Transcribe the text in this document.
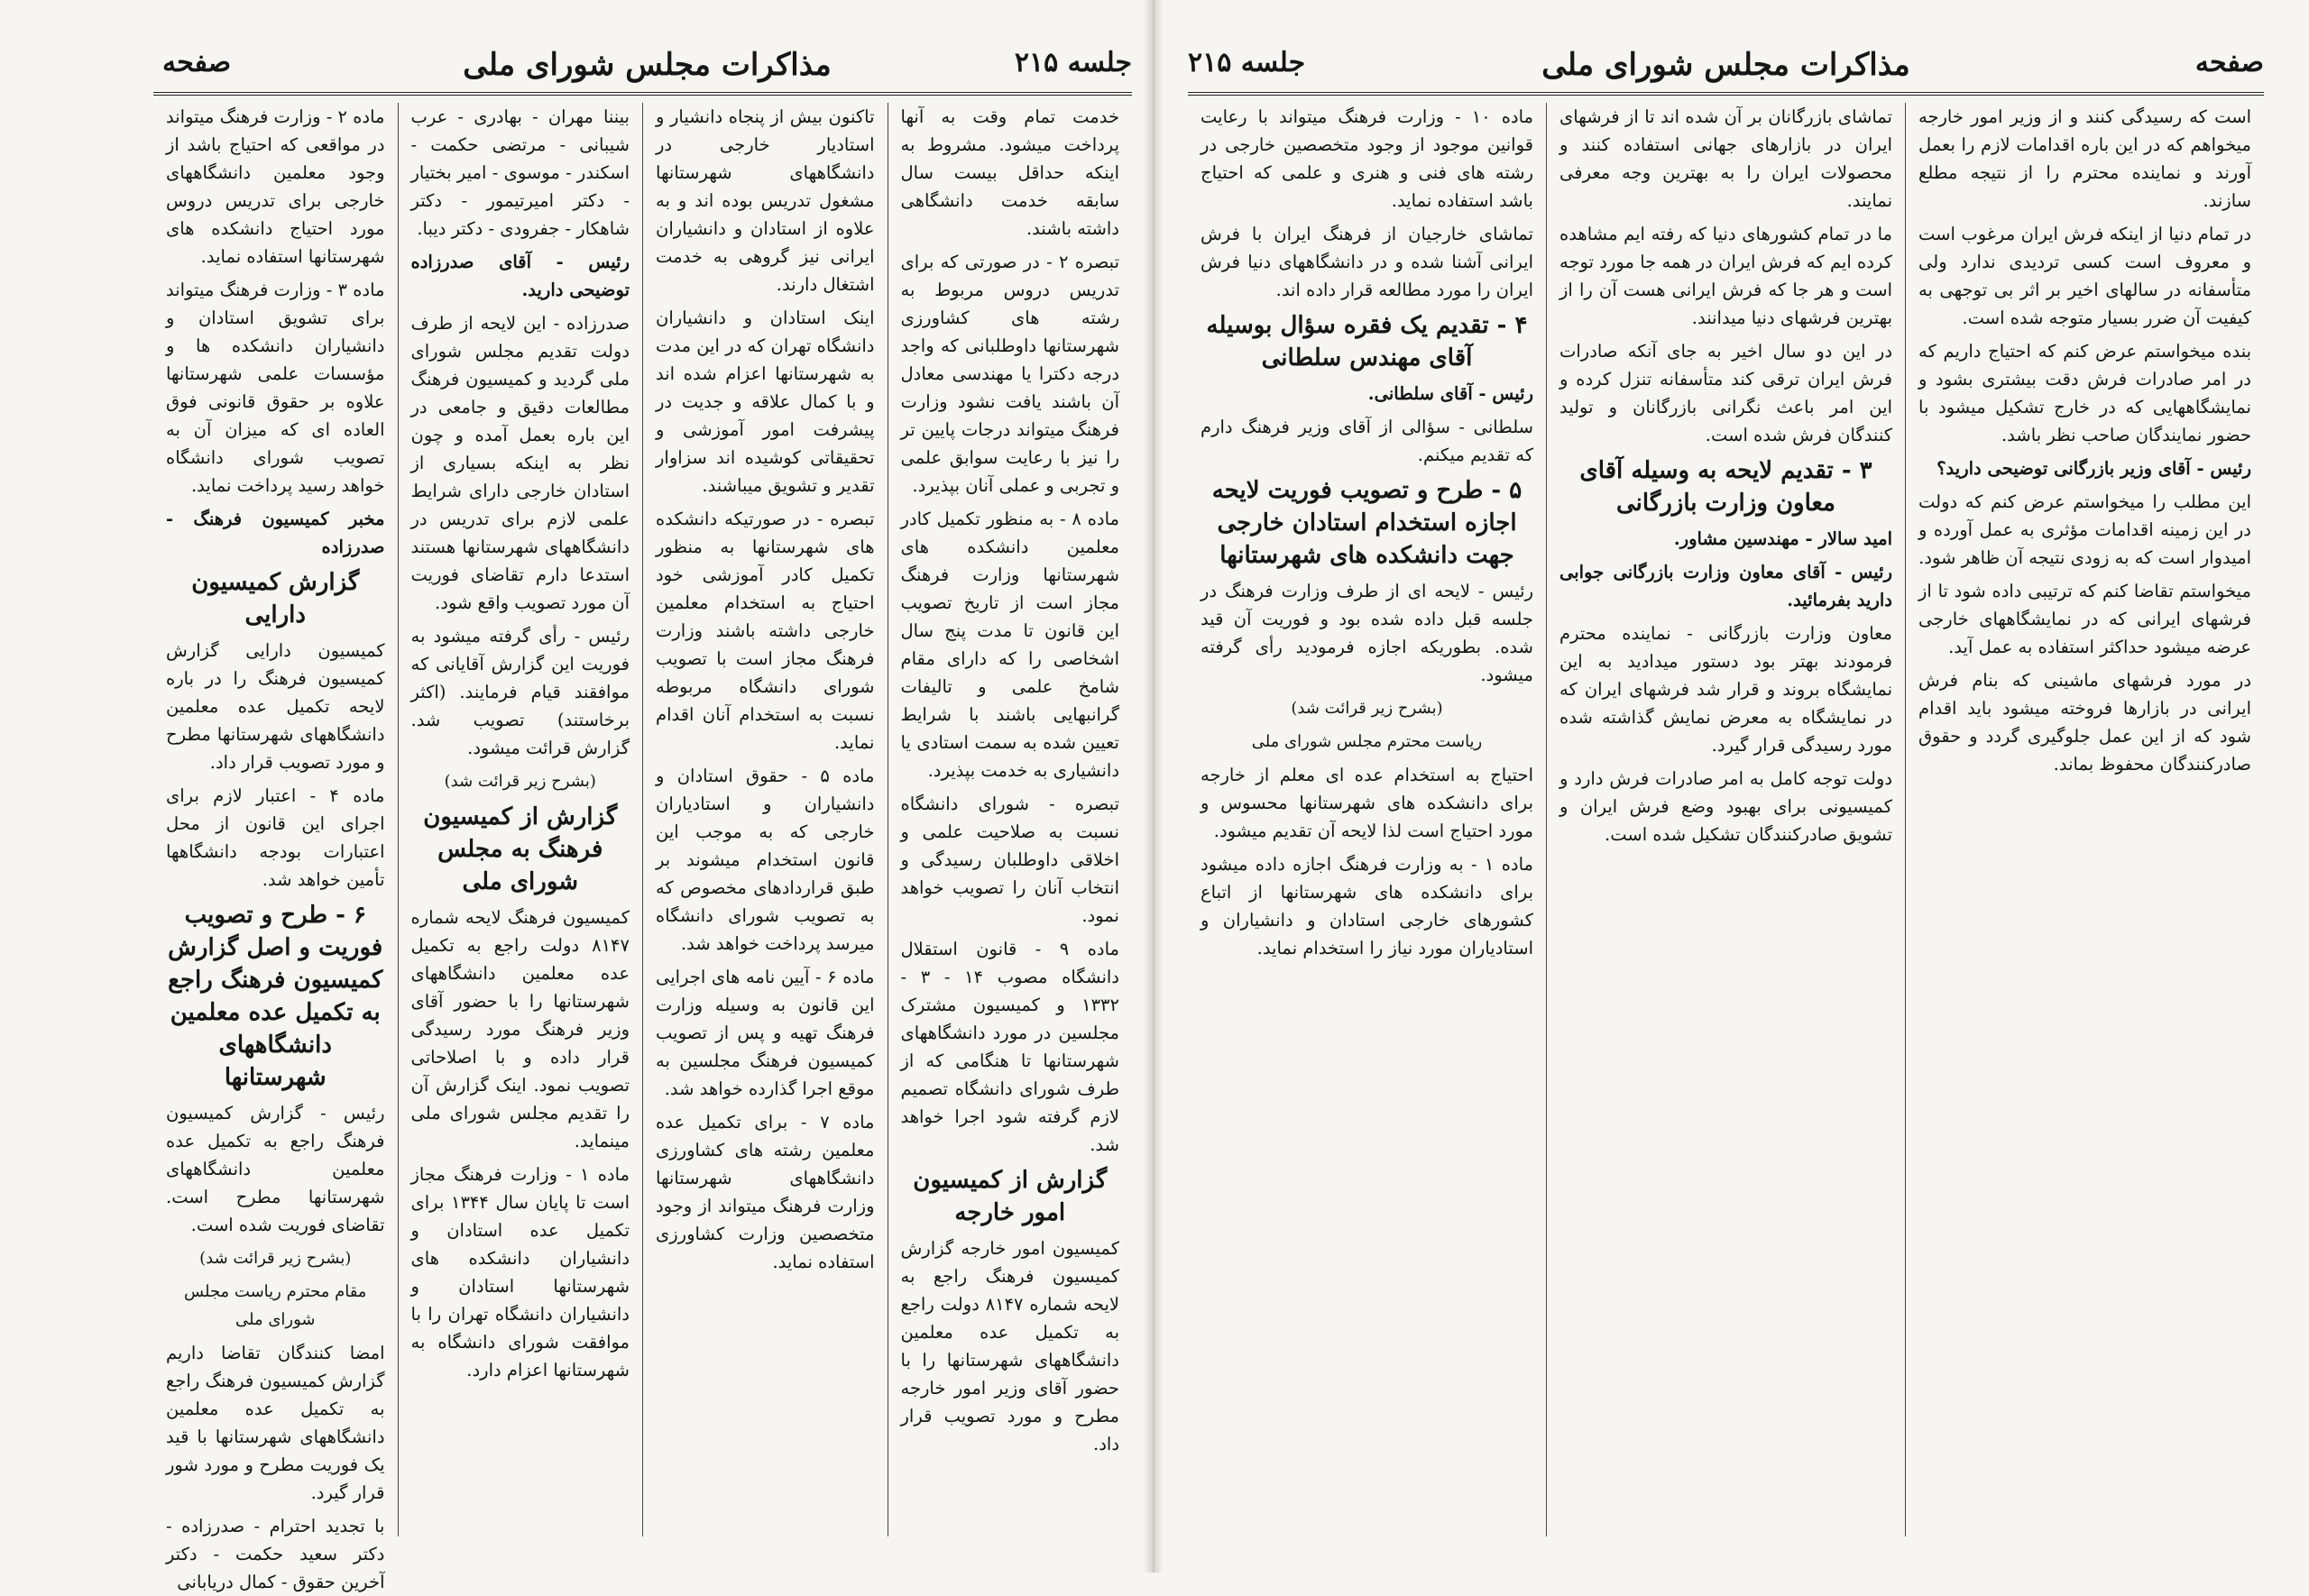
جلسه ۲۱۵
مذاکرات مجلس شورای ملی
صفحه

خدمت تمام وقت به آنها پرداخت میشود. مشروط به اینکه حداقل بیست سال سابقه خدمت دانشگاهی داشته باشند.

تبصره ۲ - در صورتی که برای تدریس دروس مربوط به رشته های کشاورزی شهرستانها داوطلبانی که واجد درجه دکترا یا مهندسی معادل آن باشند یافت نشود وزارت فرهنگ میتواند درجات پایین تر را نیز با رعایت سوابق علمی و تجربی و عملی آنان بپذیرد.

ماده ۸ - به منظور تکمیل کادر معلمین دانشکده های شهرستانها وزارت فرهنگ مجاز است از تاریخ تصویب این قانون تا مدت پنج سال اشخاصی را که دارای مقام شامخ علمی و تالیفات گرانبهایی باشند با شرایط تعیین شده به سمت استادی یا دانشیاری به خدمت بپذیرد.

تبصره - شورای دانشگاه نسبت به صلاحیت علمی و اخلاقی داوطلبان رسیدگی و انتخاب آنان را تصویب خواهد نمود.

ماده ۹ - قانون استقلال دانشگاه مصوب ۱۴ - ۳ - ۱۳۳۲ و کمیسیون مشترک مجلسین در مورد دانشگاههای شهرستانها تا هنگامی که از طرف شورای دانشگاه تصمیم لازم گرفته شود اجرا خواهد شد.

گزارش از کمیسیون امور خارجه

کمیسیون امور خارجه گزارش کمیسیون فرهنگ راجع به لایحه شماره ۸۱۴۷ دولت راجع به تکمیل عده معلمین دانشگاههای شهرستانها را با حضور آقای وزیر امور خارجه مطرح و مورد تصویب قرار داد.

تاکنون بیش از پنجاه دانشیار و استادیار خارجی در دانشگاههای شهرستانها مشغول تدریس بوده اند و به علاوه از استادان و دانشیاران ایرانی نیز گروهی به خدمت اشتغال دارند.

اینک استادان و دانشیاران دانشگاه تهران که در این مدت به شهرستانها اعزام شده اند و با کمال علاقه و جدیت در پیشرفت امور آموزشی و تحقیقاتی کوشیده اند سزاوار تقدیر و تشویق میباشند.

تبصره - در صورتیکه دانشکده های شهرستانها به منظور تکمیل کادر آموزشی خود احتیاج به استخدام معلمین خارجی داشته باشند وزارت فرهنگ مجاز است با تصویب شورای دانشگاه مربوطه نسبت به استخدام آنان اقدام نماید.

ماده ۵ - حقوق استادان و دانشیاران و استادیاران خارجی که به موجب این قانون استخدام میشوند بر طبق قراردادهای مخصوص که به تصویب شورای دانشگاه میرسد پرداخت خواهد شد.

ماده ۶ - آیین نامه های اجرایی این قانون به وسیله وزارت فرهنگ تهیه و پس از تصویب کمیسیون فرهنگ مجلسین به موقع اجرا گذارده خواهد شد.

ماده ۷ - برای تکمیل عده معلمین رشته های کشاورزی دانشگاههای شهرستانها وزارت فرهنگ میتواند از وجود متخصصین وزارت کشاورزی استفاده نماید.

بیننا مهران - بهادری - عرب شیبانی - مرتضی حکمت - اسکندر - موسوی - امیر بختیار - دکتر امیرتیمور - دکتر شاهکار - جفرودی - دکتر دیبا.

رئیس - آقای صدرزاده توضیحی دارید.

صدرزاده - این لایحه از طرف دولت تقدیم مجلس شورای ملی گردید و کمیسیون فرهنگ مطالعات دقیق و جامعی در این باره بعمل آمده و چون نظر به اینکه بسیاری از استادان خارجی دارای شرایط علمی لازم برای تدریس در دانشگاههای شهرستانها هستند استدعا دارم تقاضای فوریت آن مورد تصویب واقع شود.

رئیس - رأی گرفته میشود به فوریت این گزارش آقایانی که موافقند قیام فرمایند. (اکثر برخاستند) تصویب شد. گزارش قرائت میشود.

(بشرح زیر قرائت شد)

گزارش از کمیسیون فرهنگ به مجلس شورای ملی

کمیسیون فرهنگ لایحه شماره ۸۱۴۷ دولت راجع به تکمیل عده معلمین دانشگاههای شهرستانها را با حضور آقای وزیر فرهنگ مورد رسیدگی قرار داده و با اصلاحاتی تصویب نمود. اینک گزارش آن را تقدیم مجلس شورای ملی مینماید.

ماده ۱ - وزارت فرهنگ مجاز است تا پایان سال ۱۳۴۴ برای تکمیل عده استادان و دانشیاران دانشکده های شهرستانها استادان و دانشیاران دانشگاه تهران را با موافقت شورای دانشگاه به شهرستانها اعزام دارد.

ماده ۲ - وزارت فرهنگ میتواند در مواقعی که احتیاج باشد از وجود معلمین دانشگاههای خارجی برای تدریس دروس مورد احتیاج دانشکده های شهرستانها استفاده نماید.

ماده ۳ - وزارت فرهنگ میتواند برای تشویق استادان و دانشیاران دانشکده ها و مؤسسات علمی شهرستانها علاوه بر حقوق قانونی فوق العاده ای که میزان آن به تصویب شورای دانشگاه خواهد رسید پرداخت نماید.

مخبر کمیسیون فرهنگ - صدرزاده

گزارش کمیسیون دارایی

کمیسیون دارایی گزارش کمیسیون فرهنگ را در باره لایحه تکمیل عده معلمین دانشگاههای شهرستانها مطرح و مورد تصویب قرار داد.

ماده ۴ - اعتبار لازم برای اجرای این قانون از محل اعتبارات بودجه دانشگاهها تأمین خواهد شد.

۶ - طرح و تصویب فوریت و اصل گزارش کمیسیون فرهنگ راجع به تکمیل عده معلمین دانشگاههای شهرستانها

رئیس - گزارش کمیسیون فرهنگ راجع به تکمیل عده معلمین دانشگاههای شهرستانها مطرح است. تقاضای فوریت شده است.

(بشرح زیر قرائت شد)

مقام محترم ریاست مجلس شورای ملی

امضا کنندگان تقاضا داریم گزارش کمیسیون فرهنگ راجع به تکمیل عده معلمین دانشگاههای شهرستانها با قید یک فوریت مطرح و مورد شور قرار گیرد.

با تجدید احترام - صدرزاده - دکتر سعید حکمت - دکتر آخرین حقوق - کمال دریابانی

صفحه
مذاکرات مجلس شورای ملی
جلسه ۲۱۵

است که رسیدگی کنند و از وزیر امور خارجه میخواهم که در این باره اقدامات لازم را بعمل آورند و نماینده محترم را از نتیجه مطلع سازند.

در تمام دنیا از اینکه فرش ایران مرغوب است و معروف است کسی تردیدی ندارد ولی متأسفانه در سالهای اخیر بر اثر بی توجهی به کیفیت آن ضرر بسیار متوجه شده است.

بنده میخواستم عرض کنم که احتیاج داریم که در امر صادرات فرش دقت بیشتری بشود و نمایشگاههایی که در خارج تشکیل میشود با حضور نمایندگان صاحب نظر باشد.

رئیس - آقای وزیر بازرگانی توضیحی دارید؟

این مطلب را میخواستم عرض کنم که دولت در این زمینه اقدامات مؤثری به عمل آورده و امیدوار است که به زودی نتیجه آن ظاهر شود.

میخواستم تقاضا کنم که ترتیبی داده شود تا از فرشهای ایرانی که در نمایشگاههای خارجی عرضه میشود حداکثر استفاده به عمل آید.

در مورد فرشهای ماشینی که بنام فرش ایرانی در بازارها فروخته میشود باید اقدام شود که از این عمل جلوگیری گردد و حقوق صادرکنندگان محفوظ بماند.

تماشای بازرگانان بر آن شده اند تا از فرشهای ایران در بازارهای جهانی استفاده کنند و محصولات ایران را به بهترین وجه معرفی نمایند.

ما در تمام کشورهای دنیا که رفته ایم مشاهده کرده ایم که فرش ایران در همه جا مورد توجه است و هر جا که فرش ایرانی هست آن را از بهترین فرشهای دنیا میدانند.

در این دو سال اخیر به جای آنکه صادرات فرش ایران ترقی کند متأسفانه تنزل کرده و این امر باعث نگرانی بازرگانان و تولید کنندگان فرش شده است.

۳ - تقدیم لایحه به وسیله آقای معاون وزارت بازرگانی

امید سالار - مهندسین مشاور.

رئیس - آقای معاون وزارت بازرگانی جوابی دارید بفرمائید.

معاون وزارت بازرگانی - نماینده محترم فرمودند بهتر بود دستور میدادید به این نمایشگاه بروند و قرار شد فرشهای ایران که در نمایشگاه به معرض نمایش گذاشته شده مورد رسیدگی قرار گیرد.

دولت توجه کامل به امر صادرات فرش دارد و کمیسیونی برای بهبود وضع فرش ایران و تشویق صادرکنندگان تشکیل شده است.

ماده ۱۰ - وزارت فرهنگ میتواند با رعایت قوانین موجود از وجود متخصصین خارجی در رشته های فنی و هنری و علمی که احتیاج باشد استفاده نماید.

تماشای خارجیان از فرهنگ ایران با فرش ایرانی آشنا شده و در دانشگاههای دنیا فرش ایران را مورد مطالعه قرار داده اند.

۴ - تقدیم یک فقره سؤال بوسیله آقای مهندس سلطانی

رئیس - آقای سلطانی.

سلطانی - سؤالی از آقای وزیر فرهنگ دارم که تقدیم میکنم.

۵ - طرح و تصویب فوریت لایحه اجازه استخدام استادان خارجی جهت دانشکده های شهرستانها

رئیس - لایحه ای از طرف وزارت فرهنگ در جلسه قبل داده شده بود و فوریت آن قید شده. بطوریکه اجازه فرمودید رأی گرفته میشود.

(بشرح زیر قرائت شد)

ریاست محترم مجلس شورای ملی

احتیاج به استخدام عده ای معلم از خارجه برای دانشکده های شهرستانها محسوس و مورد احتیاج است لذا لایحه آن تقدیم میشود.

ماده ۱ - به وزارت فرهنگ اجازه داده میشود برای دانشکده های شهرستانها از اتباع کشورهای خارجی استادان و دانشیاران و استادیاران مورد نیاز را استخدام نماید.
